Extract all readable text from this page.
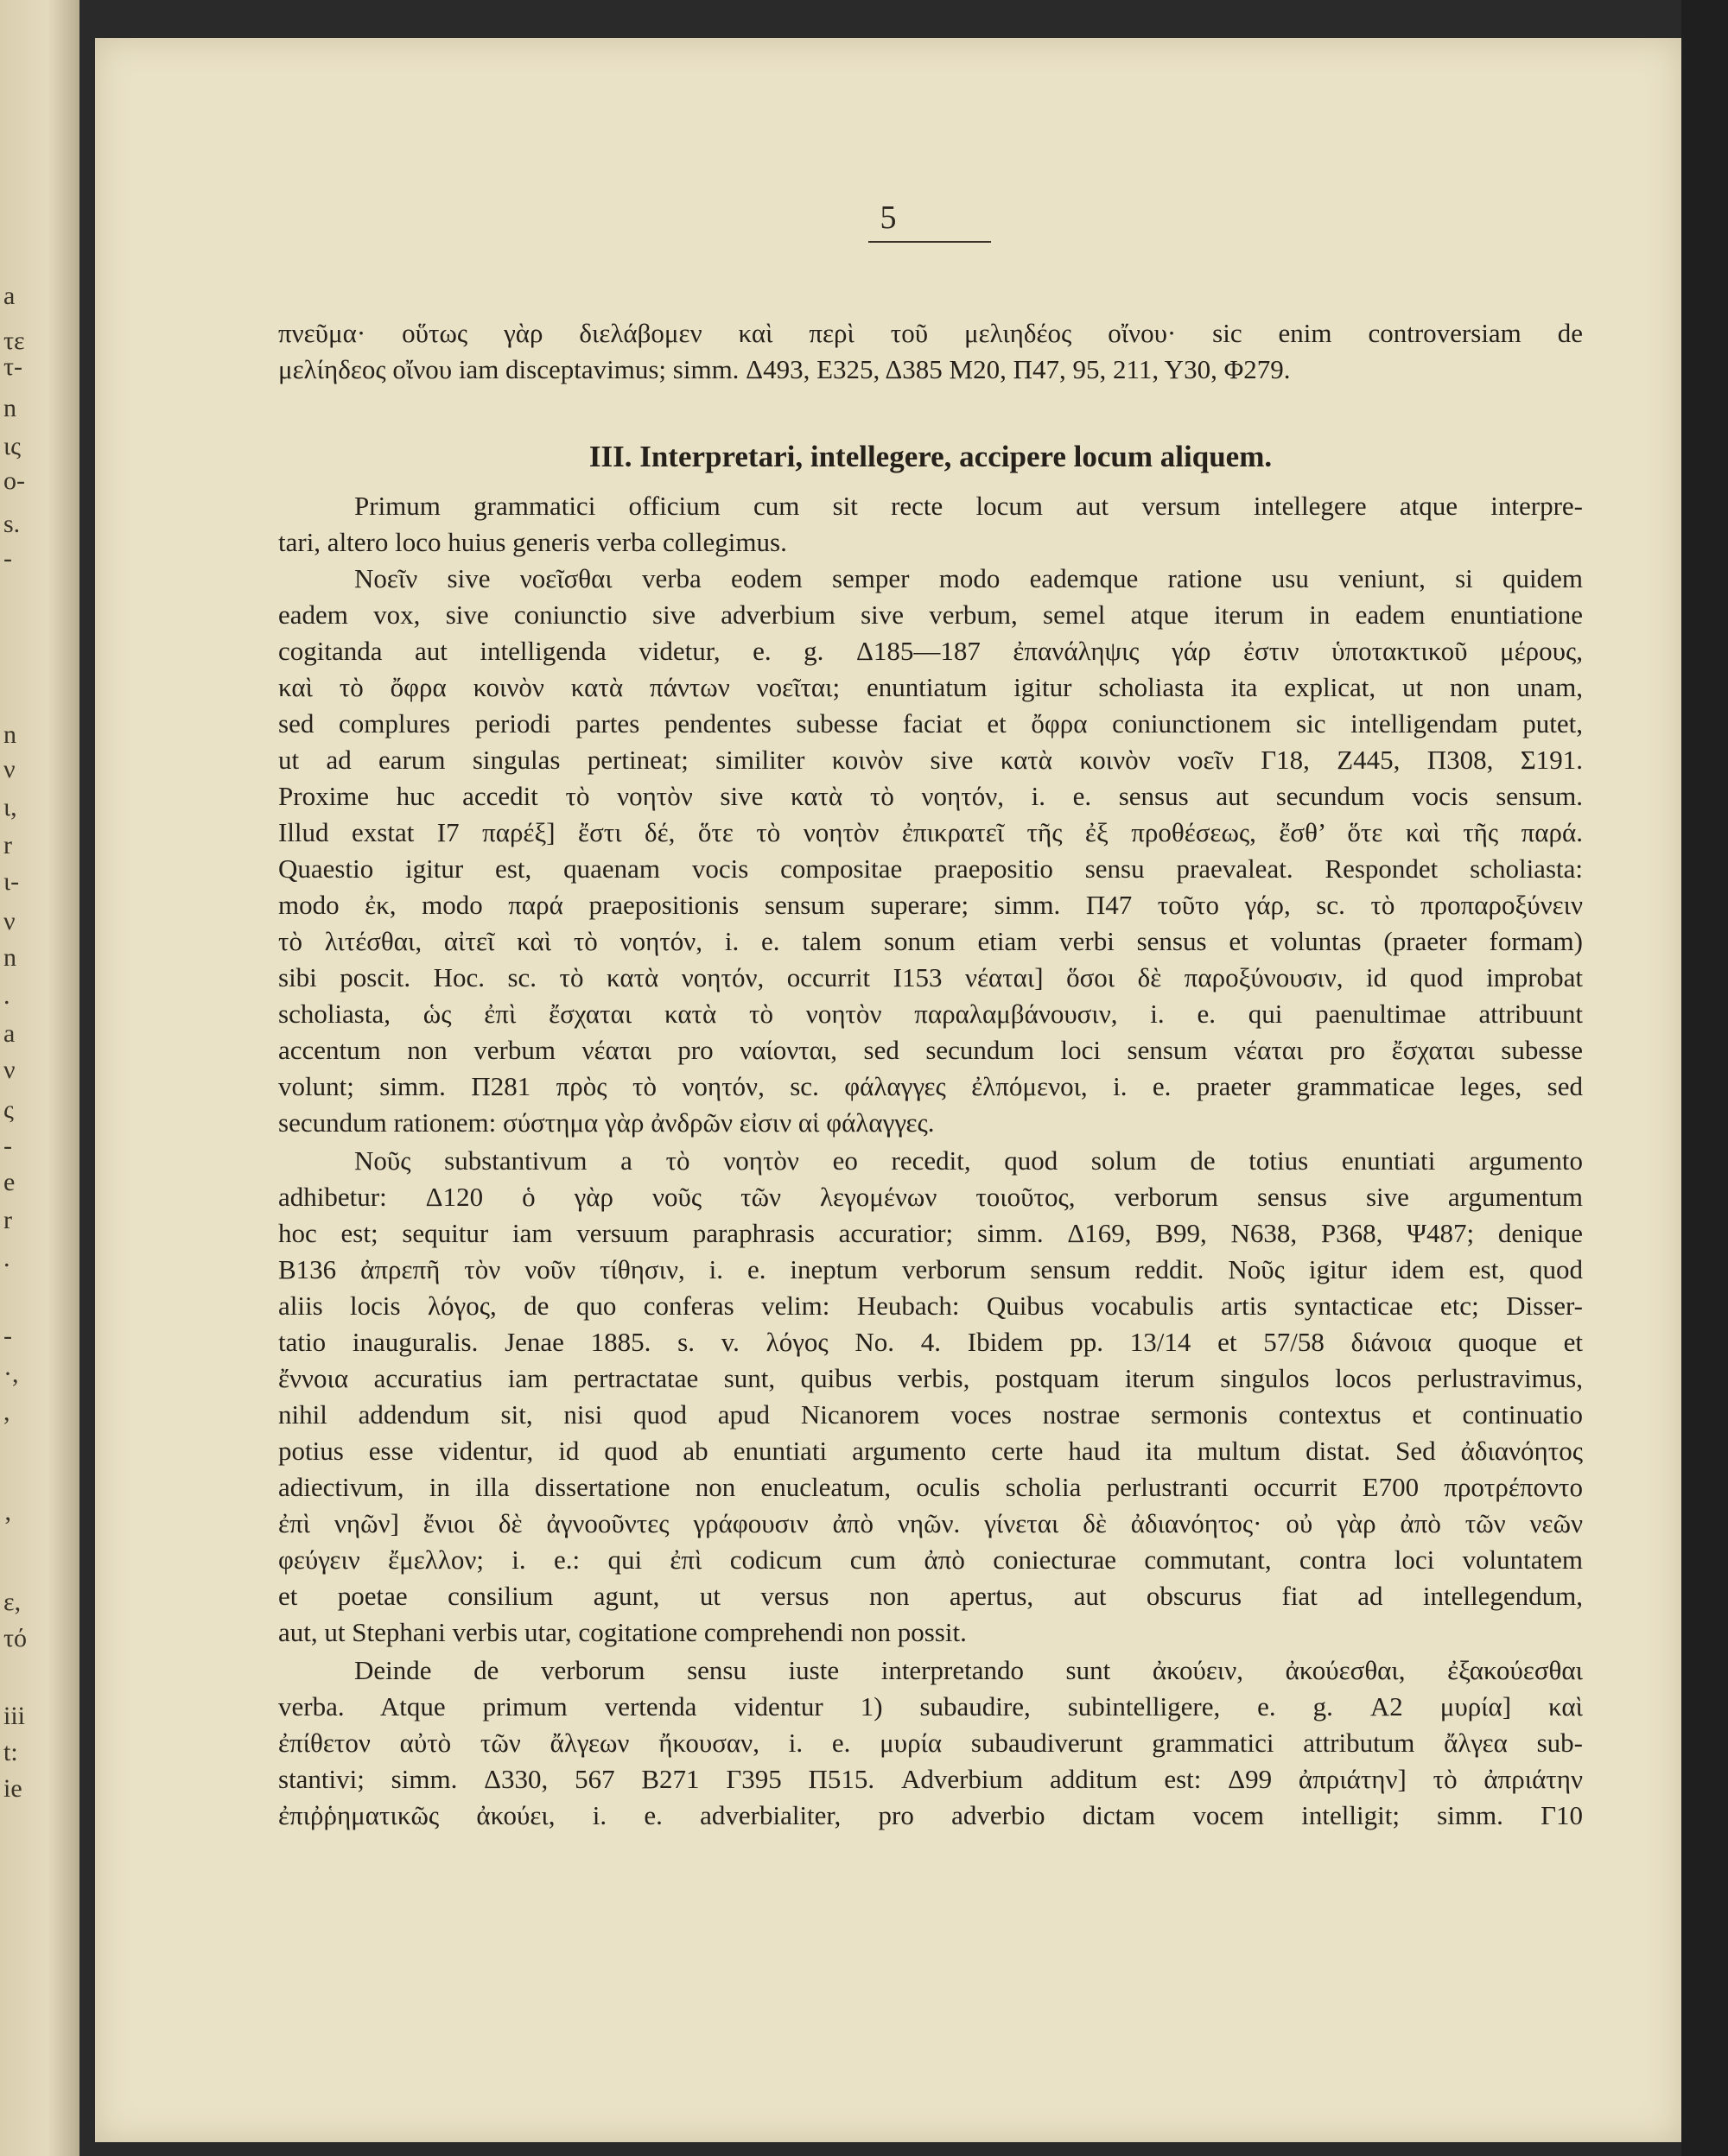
a
τε
τ-
n
ις
ο-
s.
-
n
ν
ι,
r
ι-
ν
n
.
a
ν
ς
-
e
r
.
-
·,
,
’
ε,
τό
iii
t:
ie
5
πνεῦμα· οὕτως γὰρ διελάβομεν καὶ περὶ τοῦ μελιηδέος οἴνου· sic enim controversiam de
μελίηδεος οἴνου iam disceptavimus; simm. Δ493, Ε325, Δ385 Μ20, Π47, 95, 211, Υ30, Φ279.
III. Interpretari, intellegere, accipere locum aliquem.
Primum grammatici officium cum sit recte locum aut versum intellegere atque interpre-
tari, altero loco huius generis verba collegimus.
Νοεῖν sive νοεῖσθαι verba eodem semper modo eademque ratione usu veniunt, si quidem
eadem vox, sive coniunctio sive adverbium sive verbum, semel atque iterum in eadem enuntiatione
cogitanda aut intelligenda videtur, e. g. Δ185—187 ἐπανάληψις γάρ ἐστιν ὑποτακτικοῦ μέρους,
καὶ τὸ ὄφρα κοινὸν κατὰ πάντων νοεῖται; enuntiatum igitur scholiasta ita explicat, ut non unam,
sed complures periodi partes pendentes subesse faciat et ὄφρα coniunctionem sic intelligendam putet,
ut ad earum singulas pertineat; similiter κοινὸν sive κατὰ κοινὸν νοεῖν Γ18, Ζ445, Π308, Σ191.
Proxime huc accedit τὸ νοητὸν sive κατὰ τὸ νοητόν, i. e. sensus aut secundum vocis sensum.
Illud exstat Ι7 παρέξ] ἔστι δέ, ὅτε τὸ νοητὸν ἐπικρατεῖ τῆς ἐξ προθέσεως, ἔσθ’ ὅτε καὶ τῆς παρά.
Quaestio igitur est, quaenam vocis compositae praepositio sensu praevaleat. Respondet scholiasta:
modo ἐκ, modo παρά praepositionis sensum superare; simm. Π47 τοῦτο γάρ, sc. τὸ προπαροξύνειν
τὸ λιτέσθαι, αἰτεῖ καὶ τὸ νοητόν, i. e. talem sonum etiam verbi sensus et voluntas (praeter formam)
sibi poscit. Hoc. sc. τὸ κατὰ νοητόν, occurrit Ι153 νέαται] ὅσοι δὲ παροξύνουσιν, id quod improbat
scholiasta, ὡς ἐπὶ ἔσχαται κατὰ τὸ νοητὸν παραλαμβάνουσιν, i. e. qui paenultimae attribuunt
accentum non verbum νέαται pro ναίονται, sed secundum loci sensum νέαται pro ἔσχαται subesse
volunt; simm. Π281 πρὸς τὸ νοητόν, sc. φάλαγγες ἐλπόμενοι, i. e. praeter grammaticae leges, sed
secundum rationem: σύστημα γὰρ ἀνδρῶν εἰσιν αἱ φάλαγγες.
Νοῦς substantivum a τὸ νοητὸν eo recedit, quod solum de totius enuntiati argumento
adhibetur: Δ120 ὁ γὰρ νοῦς τῶν λεγομένων τοιοῦτος, verborum sensus sive argumentum
hoc est; sequitur iam versuum paraphrasis accuratior; simm. Δ169, Β99, Ν638, Ρ368, Ψ487; denique
Β136 ἀπρεπῆ τὸν νοῦν τίθησιν, i. e. ineptum verborum sensum reddit. Νοῦς igitur idem est, quod
aliis locis λόγος, de quo conferas velim: Heubach: Quibus vocabulis artis syntacticae etc; Disser-
tatio inauguralis. Jenae 1885. s. v. λόγος No. 4. Ibidem pp. 13/14 et 57/58 διάνοια quoque et
ἔννοια accuratius iam pertractatae sunt, quibus verbis, postquam iterum singulos locos perlustravimus,
nihil addendum sit, nisi quod apud Nicanorem voces nostrae sermonis contextus et continuatio
potius esse videntur, id quod ab enuntiati argumento certe haud ita multum distat. Sed ἀδιανόητος
adiectivum, in illa dissertatione non enucleatum, oculis scholia perlustranti occurrit Ε700 προτρέποντο
ἐπὶ νηῶν] ἔνιοι δὲ ἀγνοοῦντες γράφουσιν ἀπὸ νηῶν. γίνεται δὲ ἀδιανόητος· οὐ γὰρ ἀπὸ τῶν νεῶν
φεύγειν ἔμελλον; i. e.: qui ἐπὶ codicum cum ἀπὸ coniecturae commutant, contra loci voluntatem
et poetae consilium agunt, ut versus non apertus, aut obscurus fiat ad intellegendum,
aut, ut Stephani verbis utar, cogitatione comprehendi non possit.
Deinde de verborum sensu iuste interpretando sunt ἀκούειν, ἀκούεσθαι, ἐξακούεσθαι
verba. Atque primum vertenda videntur 1) subaudire, subintelligere, e. g. Α2 μυρία] καὶ
ἐπίθετον αὐτὸ τῶν ἄλγεων ἤκουσαν, i. e. μυρία subaudiverunt grammatici attributum ἄλγεα sub-
stantivi; simm. Δ330, 567 Β271 Γ395 Π515. Adverbium additum est: Δ99 ἀπριάτην] τὸ ἀπριάτην
ἐπιῤῥηματικῶς ἀκούει, i. e. adverbialiter, pro adverbio dictam vocem intelligit; simm. Γ10
